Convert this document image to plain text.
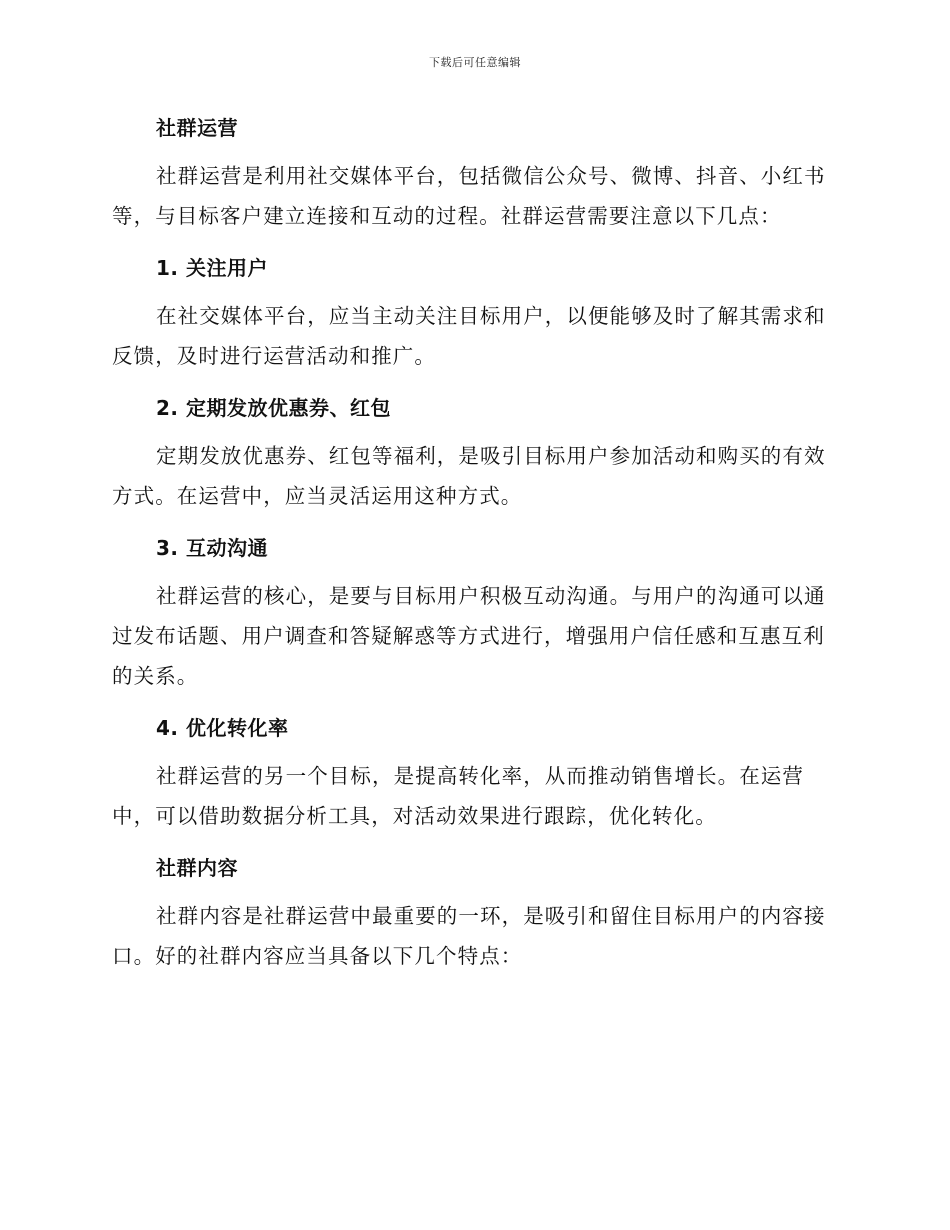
下载后可任意编辑
社群运营

社群运营是利用社交媒体平台，包括微信公众号、微博、抖音、小红书等，与目标客户建立连接和互动的过程。社群运营需要注意以下几点：

1. 关注用户

在社交媒体平台，应当主动关注目标用户，以便能够及时了解其需求和反馈，及时进行运营活动和推广。

2. 定期发放优惠券、红包

定期发放优惠券、红包等福利，是吸引目标用户参加活动和购买的有效方式。在运营中，应当灵活运用这种方式。

3. 互动沟通

社群运营的核心，是要与目标用户积极互动沟通。与用户的沟通可以通过发布话题、用户调查和答疑解惑等方式进行，增强用户信任感和互惠互利的关系。

4. 优化转化率

社群运营的另一个目标，是提高转化率，从而推动销售增长。在运营中，可以借助数据分析工具，对活动效果进行跟踪，优化转化。

社群内容

社群内容是社群运营中最重要的一环，是吸引和留住目标用户的内容接口。好的社群内容应当具备以下几个特点：
